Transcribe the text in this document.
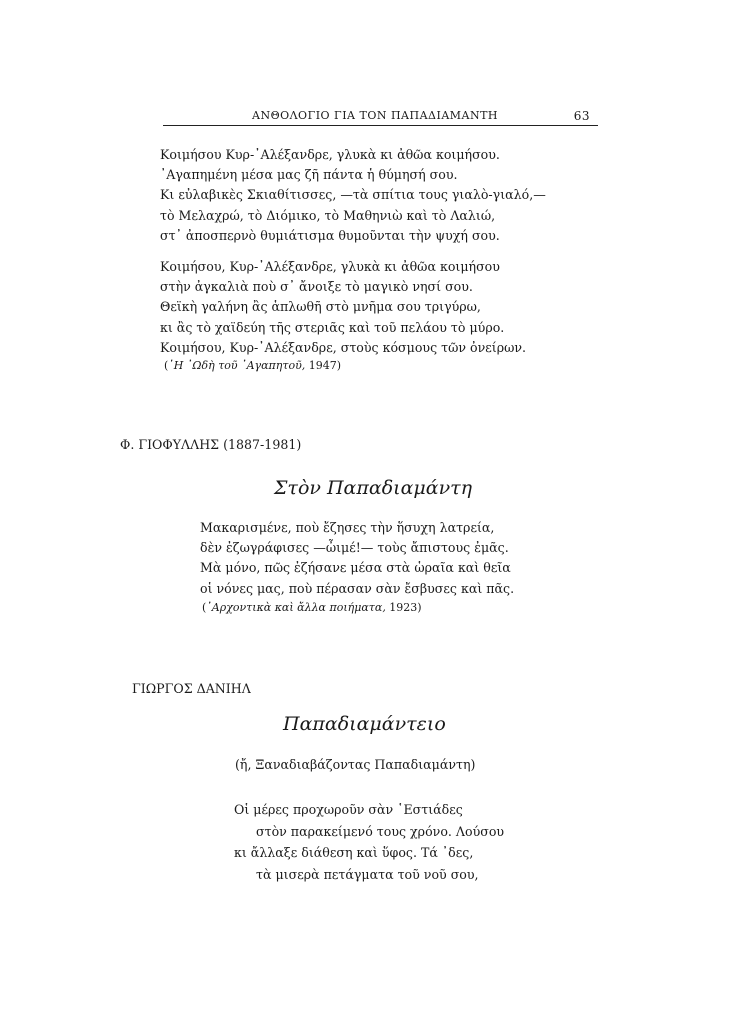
ΑΝΘΟΛΟΓΙΟ ΓΙΑ ΤΟΝ ΠΑΠΑΔΙΑΜΑΝΤΗ	63
Κοιμήσου Κυρ-᾿Αλέξανδρε, γλυκὰ κι ἀθῶα κοιμήσου.
᾿Αγαπημένη μέσα μας ζῆ πάντα ἡ θύμησή σου.
Κι εὐλαβικὲς Σκιαθίτισσες, —τὰ σπίτια τους γιαλὸ-γιαλό,—
τὸ Μελαχρώ, τὸ Διόμικο, τὸ Μαθηνιὼ καὶ τὸ Λαλιώ,
στ᾿ ἀποσπερνὸ θυμιάτισμα θυμοῦνται τὴν ψυχή σου.
Κοιμήσου, Κυρ-᾿Αλέξανδρε, γλυκὰ κι ἀθῶα κοιμήσου
στὴν ἀγκαλιὰ ποὺ σ᾿ ἄνοιξε τὸ μαγικὸ νησί σου.
Θεϊκὴ γαλήνη ἂς ἁπλωθῆ στὸ μνῆμα σου τριγύρω,
κι ἂς τὸ χαϊδεύη τῆς στεριᾶς καὶ τοῦ πελάου τὸ μύρο.
Κοιμήσου, Κυρ-᾿Αλέξανδρε, στοὺς κόσμους τῶν ὀνείρων.
(῾Η ᾿Ωδὴ τοῦ ᾿Αγαπητοῦ, 1947)
Φ. ΓΙΟΦΥΛΛΗΣ (1887-1981)
Στὸν Παπαδιαμάντη
Μακαρισμένε, ποὺ ἔζησες τὴν ἥσυχη λατρεία,
δὲν ἐζωγράφισες —ὦιμέ!— τοὺς ἄπιστους ἐμᾶς.
Μὰ μόνο, πῶς ἐζήσανε μέσα στὰ ὡραῖα καὶ θεῖα
οἱ νόνες μας, ποὺ πέρασαν σὰν ἔσβυσες καὶ πᾶς.
(᾿Αρχοντικὰ καὶ ἄλλα ποιήματα, 1923)
ΓΙΩΡΓΟΣ ΔΑΝΙΗΛ
Παπαδιαμάντειο
(ἤ, Ξαναδιαβάζοντας Παπαδιαμάντη)
Οἱ μέρες προχωροῦν σὰν ῾Εστιάδες
στὸν παρακείμενό τους χρόνο. Λούσου
κι ἄλλαξε διάθεση καὶ ὕφος. Τά ᾿δες,
τὰ μισερὰ πετάγματα τοῦ νοῦ σου,
